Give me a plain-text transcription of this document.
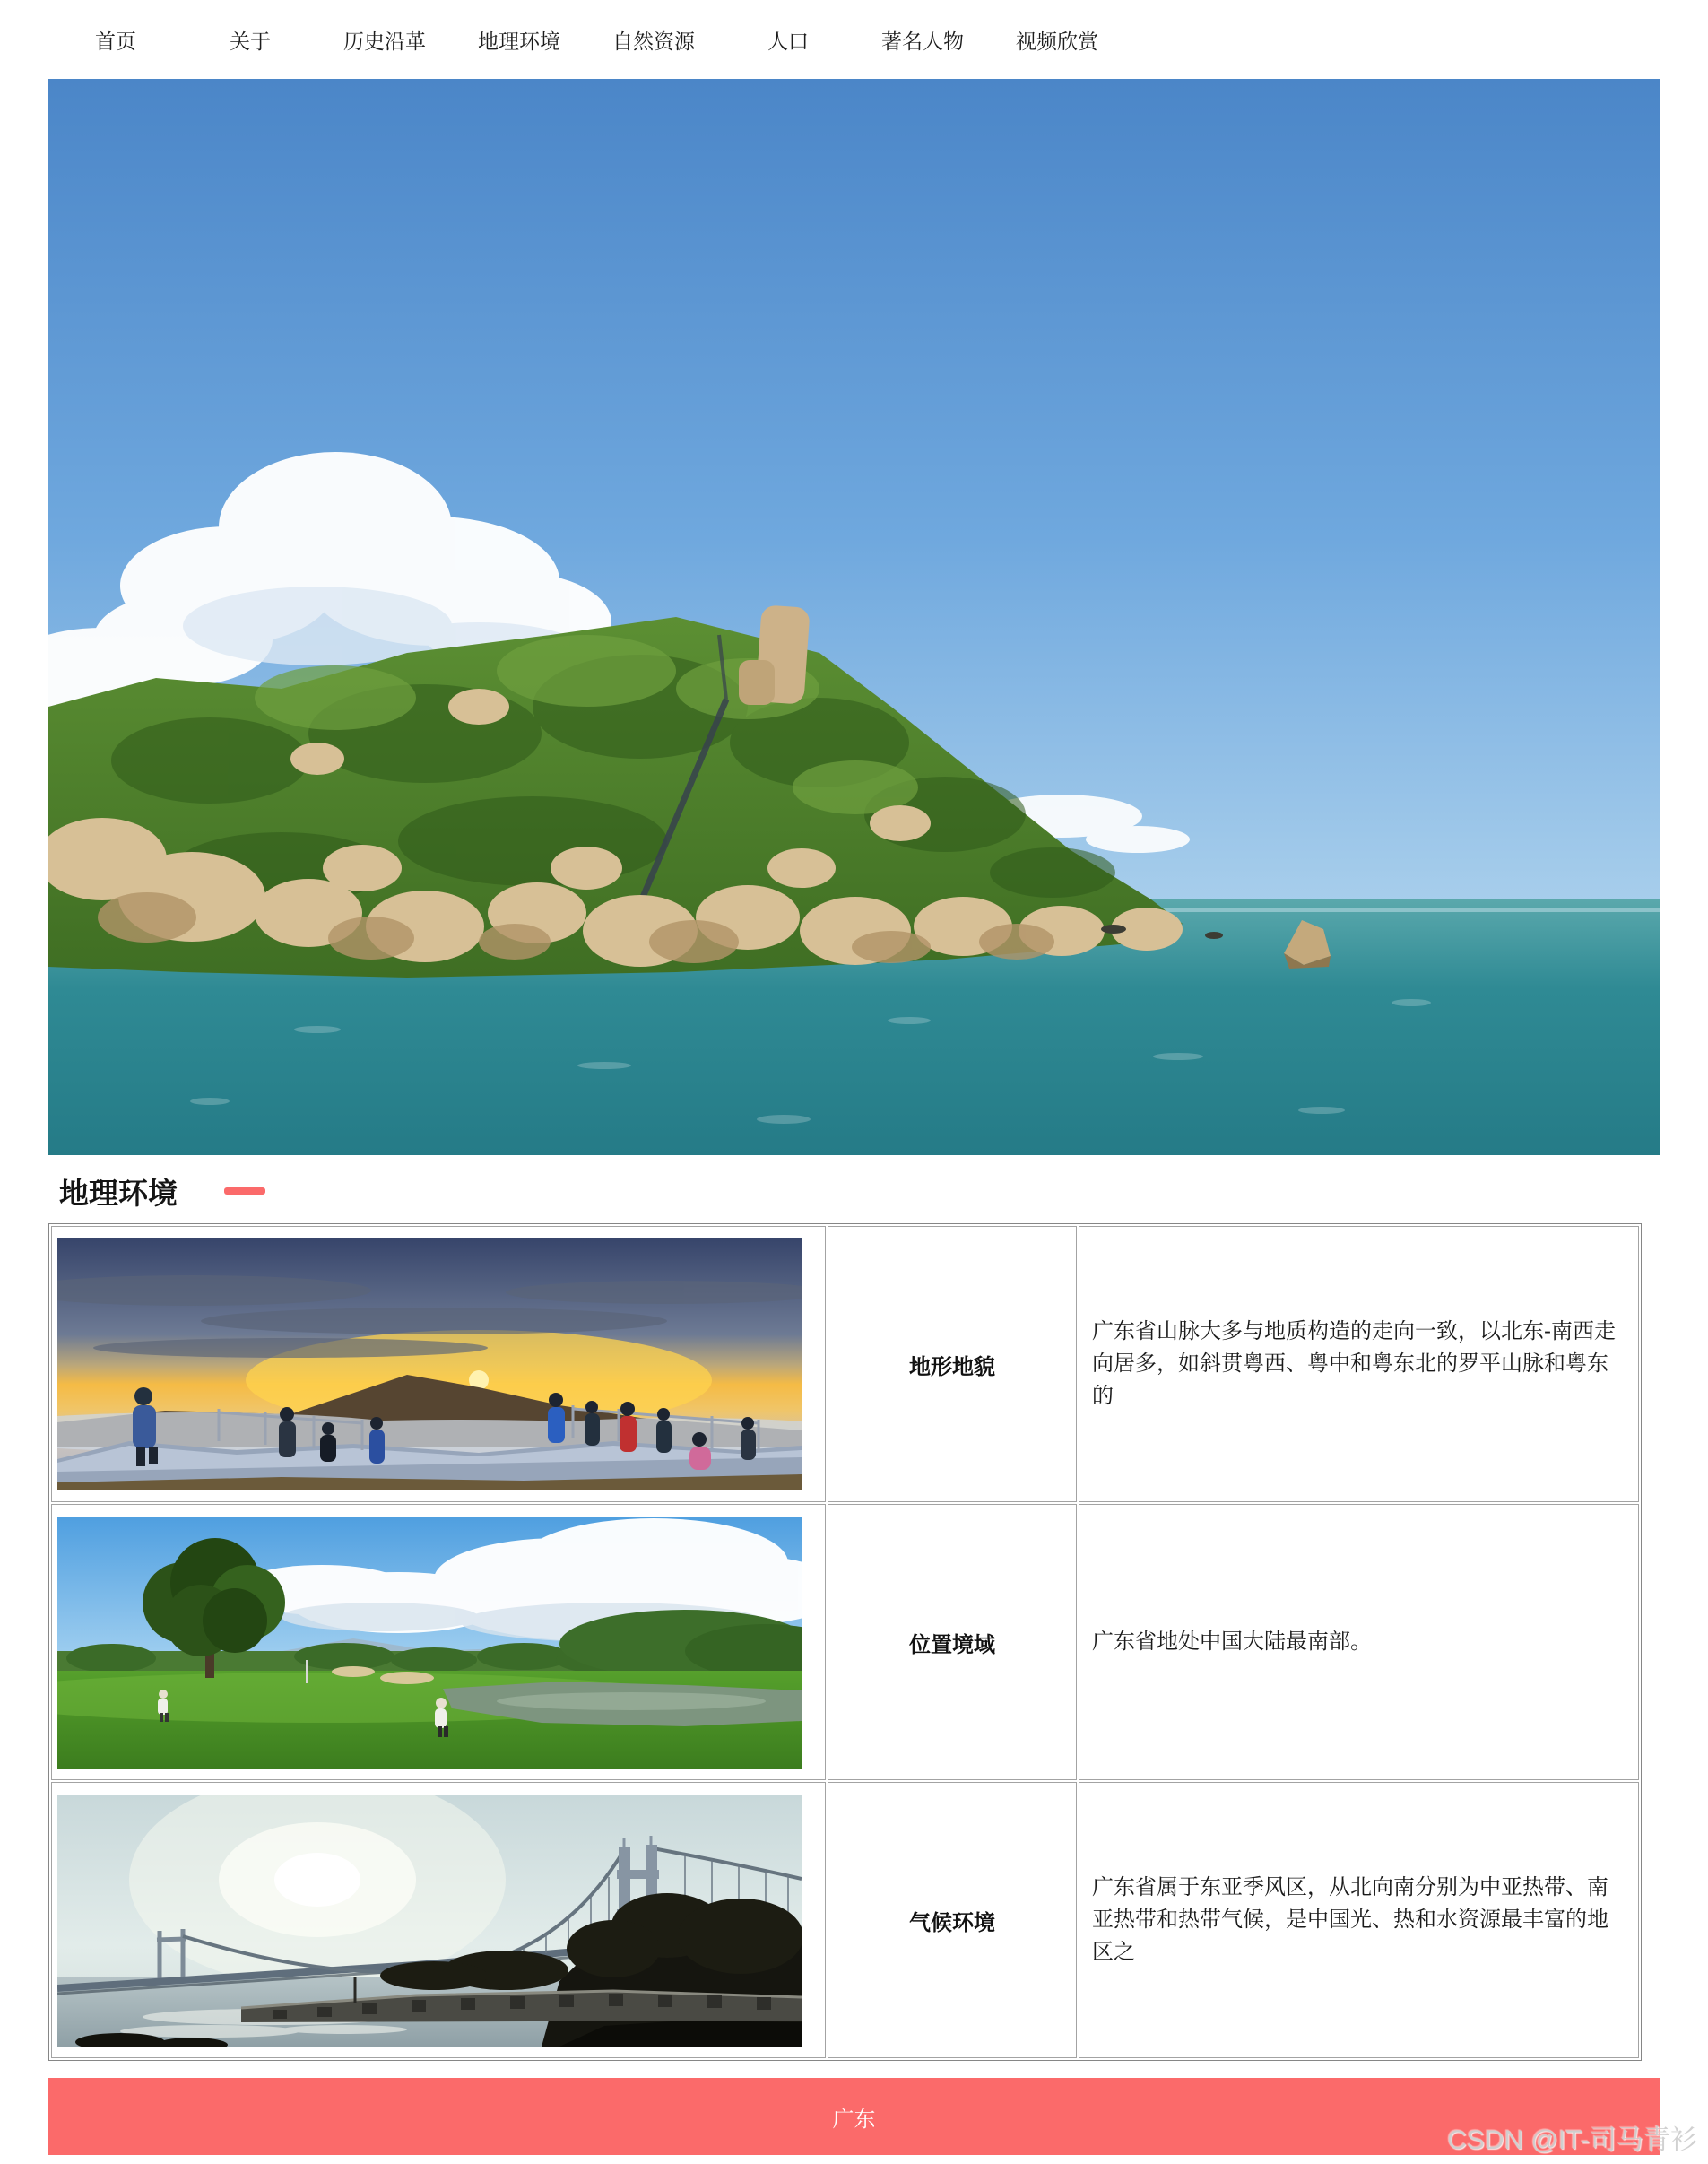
首页	关于	历史沿革	地理环境	自然资源	人口	著名人物	视频欣赏
地理环境
	地形地貌	广东省山脉大多与地质构造的走向一致，以北东-南西走向居多，如斜贯粤西、粤中和粤东北的罗平山脉和粤东的

	位置境域	广东省地处中国大陆最南部。

	气候环境	广东省属于东亚季风区，从北向南分别为中亚热带、南亚热带和热带气候，是中国光、热和水资源最丰富的地区之
广东
CSDN @IT-司马青衫
